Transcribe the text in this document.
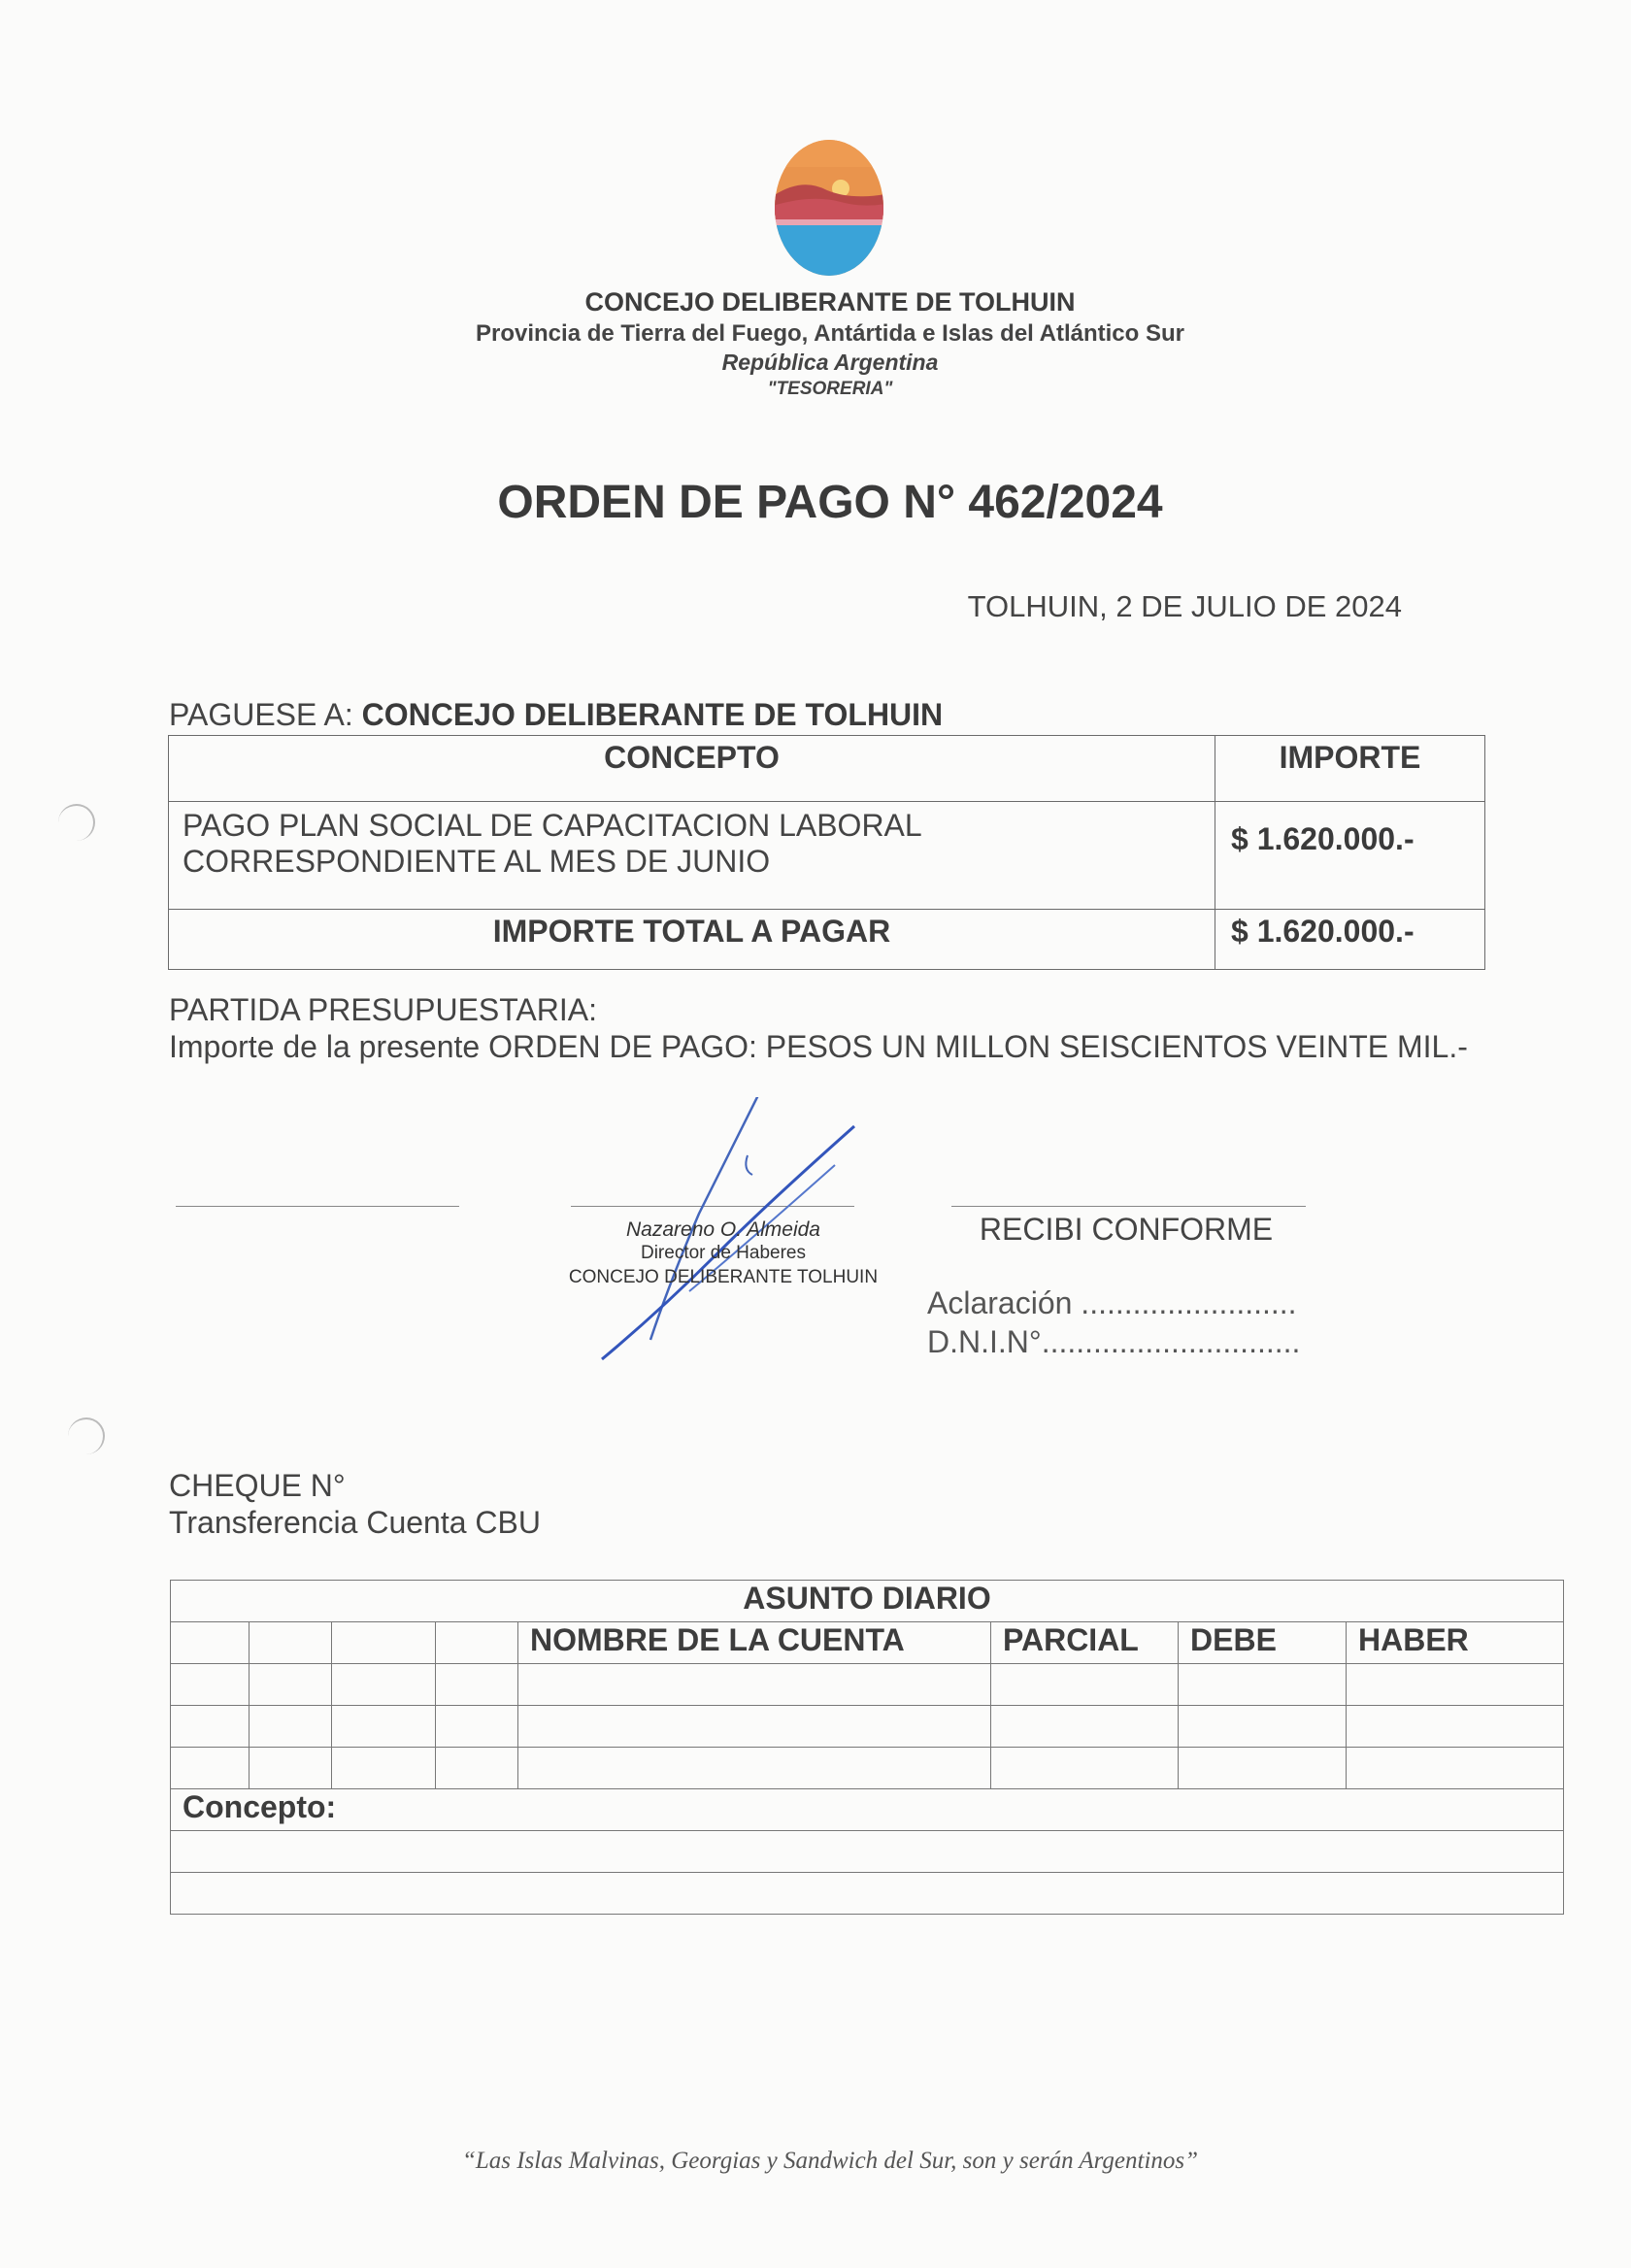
CONCEJO DELIBERANTE DE TOLHUIN
Provincia de Tierra del Fuego, Antártida e Islas del Atlántico Sur
República Argentina
"TESORERIA"
ORDEN DE PAGO N° 462/2024
TOLHUIN, 2 DE JULIO DE 2024
PAGUESE A: CONCEJO DELIBERANTE DE TOLHUIN
CONCEPTO	IMPORTE

PAGO PLAN SOCIAL DE CAPACITACION LABORAL
CORRESPONDIENTE AL MES DE JUNIO	$ 1.620.000.-
IMPORTE TOTAL A PAGAR	$ 1.620.000.-
PARTIDA PRESUPUESTARIA:
Importe de la presente ORDEN DE PAGO: PESOS UN MILLON SEISCIENTOS VEINTE MIL.-
Nazareno O. Almeida
Director de Haberes
CONCEJO DELIBERANTE TOLHUIN
RECIBI CONFORME
Aclaración .........................
D.N.I.N°..............................
CHEQUE N°
Transferencia Cuenta CBU
ASUNTO DIARIO							
				NOMBRE DE LA CUENTA	PARCIAL	DEBE	HABER

Concepto:							

“Las Islas Malvinas, Georgias y Sandwich del Sur, son y serán Argentinos”
